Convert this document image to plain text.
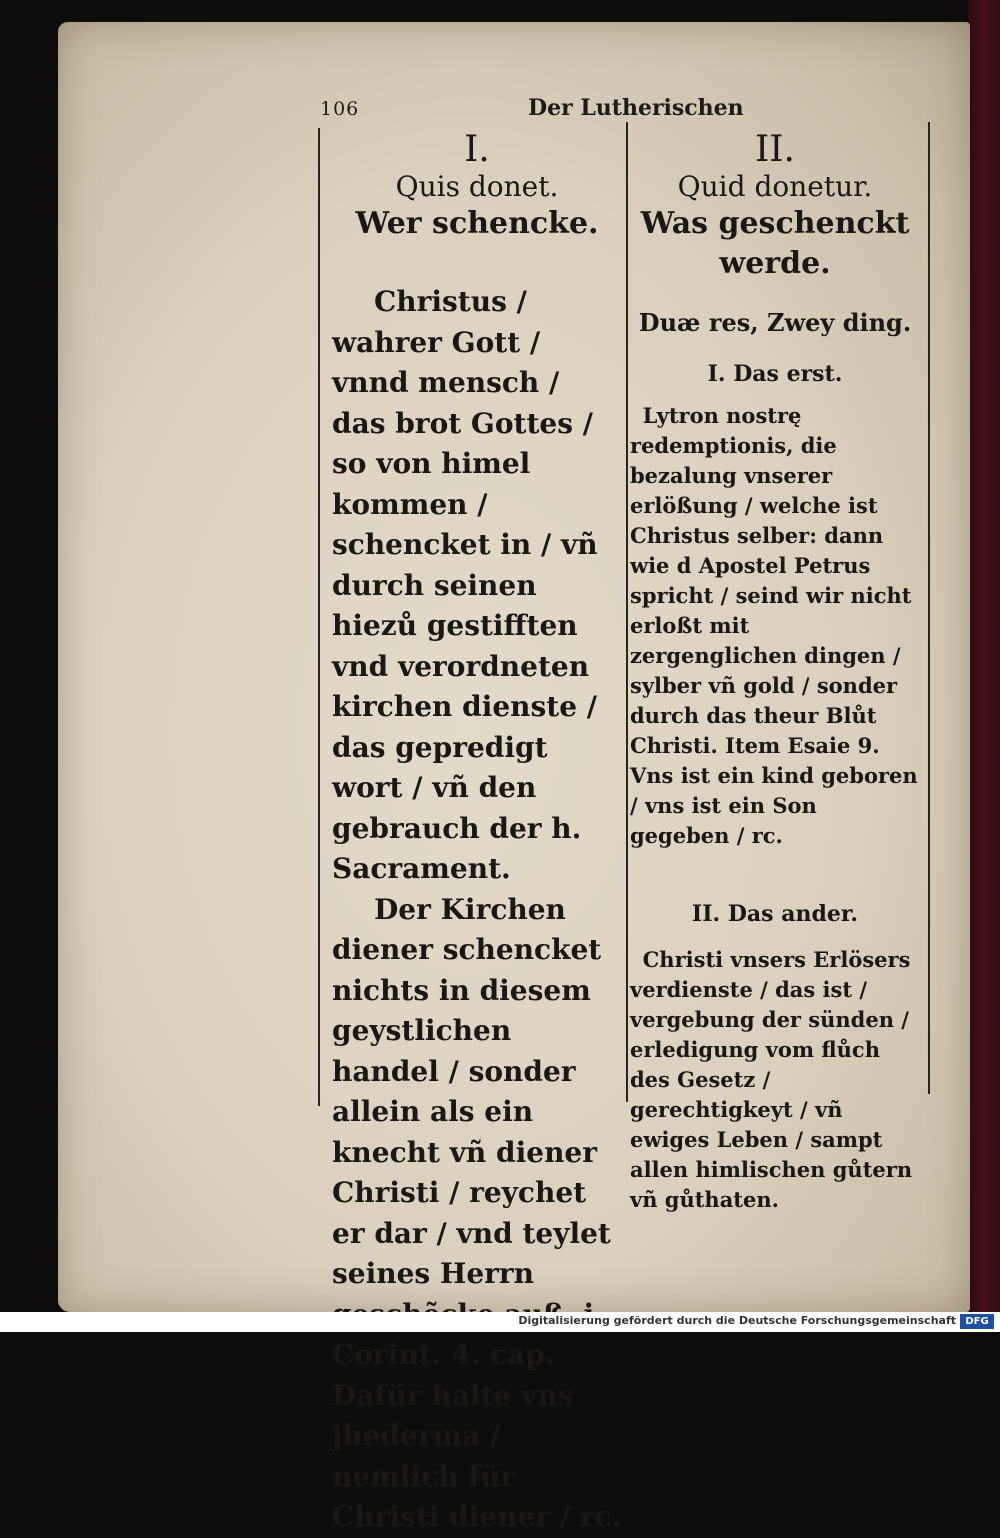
106	Der Lutherischen

I.

Quis donet.

Wer schencke.

Christus / wahrer Gott / vnnd mensch / das brot Gottes / so von himel kommen / schencket in / vñ durch seinen hiezů gestifften vnd verordneten kirchen dienste / das gepredigt wort / vñ den gebrauch der h. Sacrament.

Der Kirchen diener schencket nichts in diesem geystlichen handel / sonder allein als ein knecht vñ diener Christi / reychet er dar / vnd teylet seines Herrn Corint. 4. cap. Dafür halte vns jhederma / nemlich für Christi diener / rc.

II.

Quid donetur.

Was geschenckt werde.

Duæ res, Zwey ding.

I. Das erst.

Lytron nostrę redemptionis, die bezalung vnserer erlößung / welche ist Christus selber: dann wie d Apostel Petrus spricht / seind wir nicht erloßt mit zergenglichen dingen / sylber vñ gold / sonder durch das theur Blůt Christi. Item Esaie 9. Vns ist ein kind geboren / vns ist ein Son gegeben / rc.

II. Das ander.

Christi vnsers Erlösers verdienste / das ist / vergebung der sünden / erledigung vom flůch des Gesetz / gerechtigkeyt / vñ ewiges Leben / sampt allen himlischen gůtern vñ gůthaten.

Digitalisierung gefördert durch die Deutsche Forschungsgemeinschaft DFG
